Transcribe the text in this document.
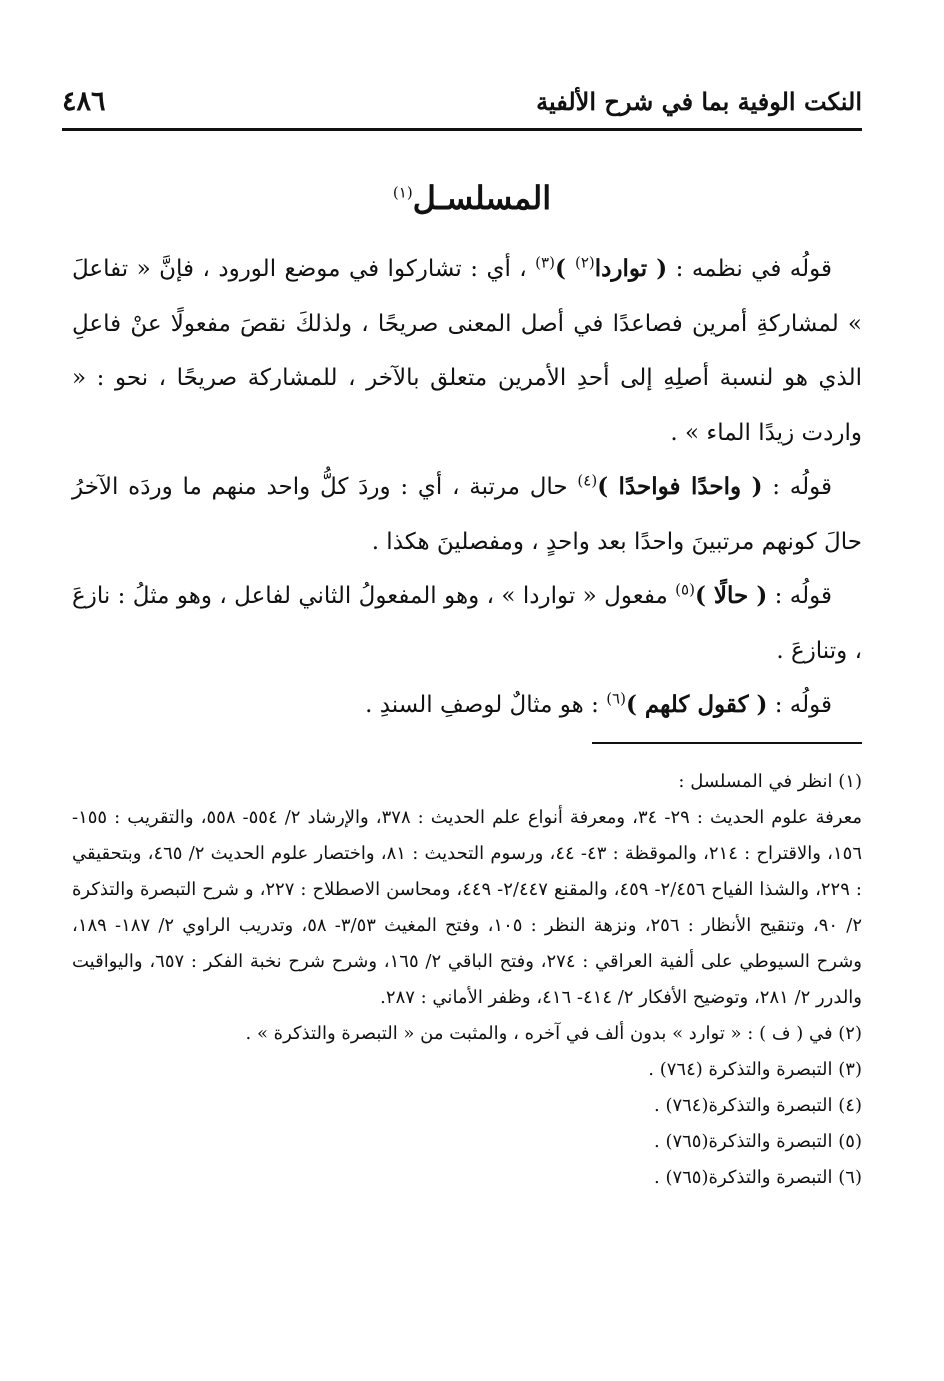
النكت الوفية بما في شرح الألفية
٤٨٦
المسلسـل$^{(١)}$

قولُه في نظمه : ( تواردا$^{(٢)}$ )$^{(٣)}$ ، أي : تشاركوا في موضع الورود ، فإنَّ « تفاعلَ » لمشاركةِ أمرين فصاعدًا في أصل المعنى صريحًا ، ولذلكَ نقصَ مفعولًا عنْ فاعلِ الذي هو لنسبة أصلِهِ إلى أحدِ الأمرين متعلق بالآخر ، للمشاركة صريحًا ، نحو : « واردت زيدًا الماء » .

قولُه : ( واحدًا فواحدًا )$^{(٤)}$ حال مرتبة ، أي : وردَ كلُّ واحد منهم ما وردَه الآخرُ حالَ كونهم مرتبينَ واحدًا بعد واحدٍ ، ومفصلينَ هكذا .

قولُه : ( حالًا )$^{(٥)}$ مفعول « تواردا » ، وهو المفعولُ الثاني لفاعل ، وهو مثلُ : نازعَ ، وتنازعَ .

قولُه : ( كقول كلهم )$^{(٦)}$ : هو مثالٌ لوصفِ السندِ .

(١) انظر في المسلسل :

معرفة علوم الحديث : ٢٩- ٣٤، ومعرفة أنواع علم الحديث : ٣٧٨، والإرشاد ٢/ ٥٥٤- ٥٥٨، والتقريب : ١٥٥- ١٥٦، والاقتراح : ٢١٤، والموقظة : ٤٣- ٤٤، ورسوم التحديث : ٨١، واختصار علوم الحديث ٢/ ٤٦٥، وبتحقيقي : ٢٢٩، والشذا الفياح ٢/٤٥٦- ٤٥٩، والمقنع ٢/٤٤٧- ٤٤٩، ومحاسن الاصطلاح : ٢٢٧، و شرح التبصرة والتذكرة ٢/ ٩٠، وتنقيح الأنظار : ٢٥٦، ونزهة النظر : ١٠٥، وفتح المغيث ٣/٥٣- ٥٨، وتدريب الراوي ٢/ ١٨٧- ١٨٩، وشرح السيوطي على ألفية العراقي : ٢٧٤، وفتح الباقي ٢/ ١٦٥، وشرح شرح نخبة الفكر : ٦٥٧، واليواقيت والدرر ٢/ ٢٨١، وتوضيح الأفكار ٢/ ٤١٤- ٤١٦، وظفر الأماني : ٢٨٧.

(٢) في ( ف ) : « توارد » بدون ألف في آخره ، والمثبت من « التبصرة والتذكرة » .

(٣) التبصرة والتذكرة (٧٦٤) .

(٤) التبصرة والتذكرة(٧٦٤) .

(٥) التبصرة والتذكرة(٧٦٥) .

(٦) التبصرة والتذكرة(٧٦٥) .
